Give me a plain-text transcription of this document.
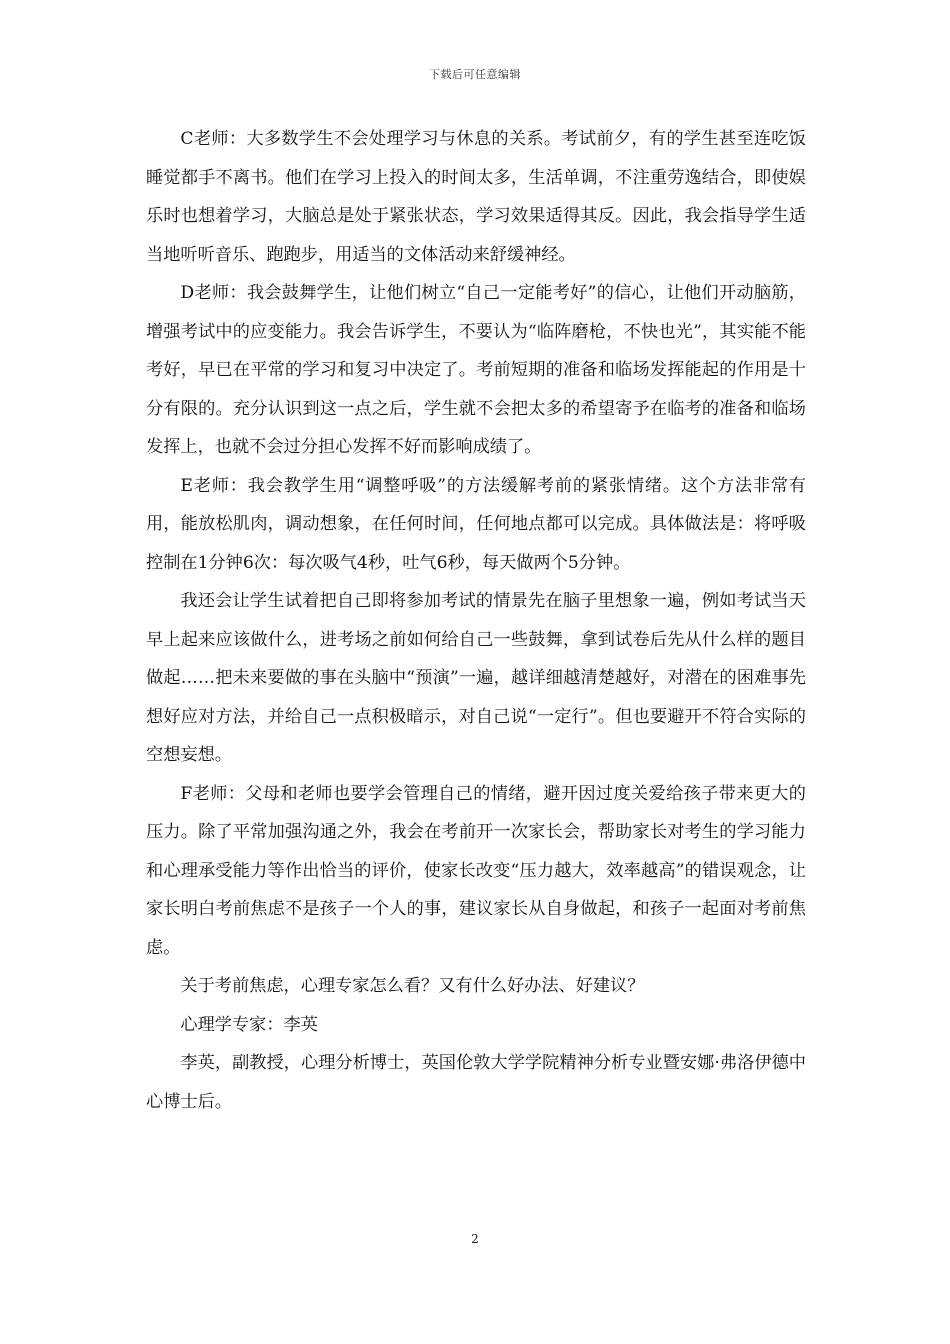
下载后可任意编辑

C老师：大多数学生不会处理学习与休息的关系。考试前夕，有的学生甚至连吃饭睡觉都手不离书。他们在学习上投入的时间太多，生活单调，不注重劳逸结合，即使娱乐时也想着学习，大脑总是处于紧张状态，学习效果适得其反。因此，我会指导学生适当地听听音乐、跑跑步，用适当的文体活动来舒缓神经。

D老师：我会鼓舞学生，让他们树立“自己一定能考好”的信心，让他们开动脑筋，增强考试中的应变能力。我会告诉学生，不要认为“临阵磨枪，不快也光”，其实能不能考好，早已在平常的学习和复习中决定了。考前短期的准备和临场发挥能起的作用是十分有限的。充分认识到这一点之后，学生就不会把太多的希望寄予在临考的准备和临场发挥上，也就不会过分担心发挥不好而影响成绩了。

E老师：我会教学生用“调整呼吸”的方法缓解考前的紧张情绪。这个方法非常有用，能放松肌肉，调动想象，在任何时间，任何地点都可以完成。具体做法是：将呼吸控制在1分钟6次：每次吸气4秒，吐气6秒，每天做两个5分钟。

我还会让学生试着把自己即将参加考试的情景先在脑子里想象一遍，例如考试当天早上起来应该做什么，进考场之前如何给自己一些鼓舞，拿到试卷后先从什么样的题目做起……把未来要做的事在头脑中“预演”一遍，越详细越清楚越好，对潜在的困难事先想好应对方法，并给自己一点积极暗示，对自己说“一定行”。但也要避开不符合实际的空想妄想。

F老师：父母和老师也要学会管理自己的情绪，避开因过度关爱给孩子带来更大的压力。除了平常加强沟通之外，我会在考前开一次家长会，帮助家长对考生的学习能力和心理承受能力等作出恰当的评价，使家长改变“压力越大，效率越高”的错误观念，让家长明白考前焦虑不是孩子一个人的事，建议家长从自身做起，和孩子一起面对考前焦虑。

关于考前焦虑，心理专家怎么看？又有什么好办法、好建议？

心理学专家：李英

李英，副教授，心理分析博士，英国伦敦大学学院精神分析专业暨安娜·弗洛伊德中心博士后。

2
